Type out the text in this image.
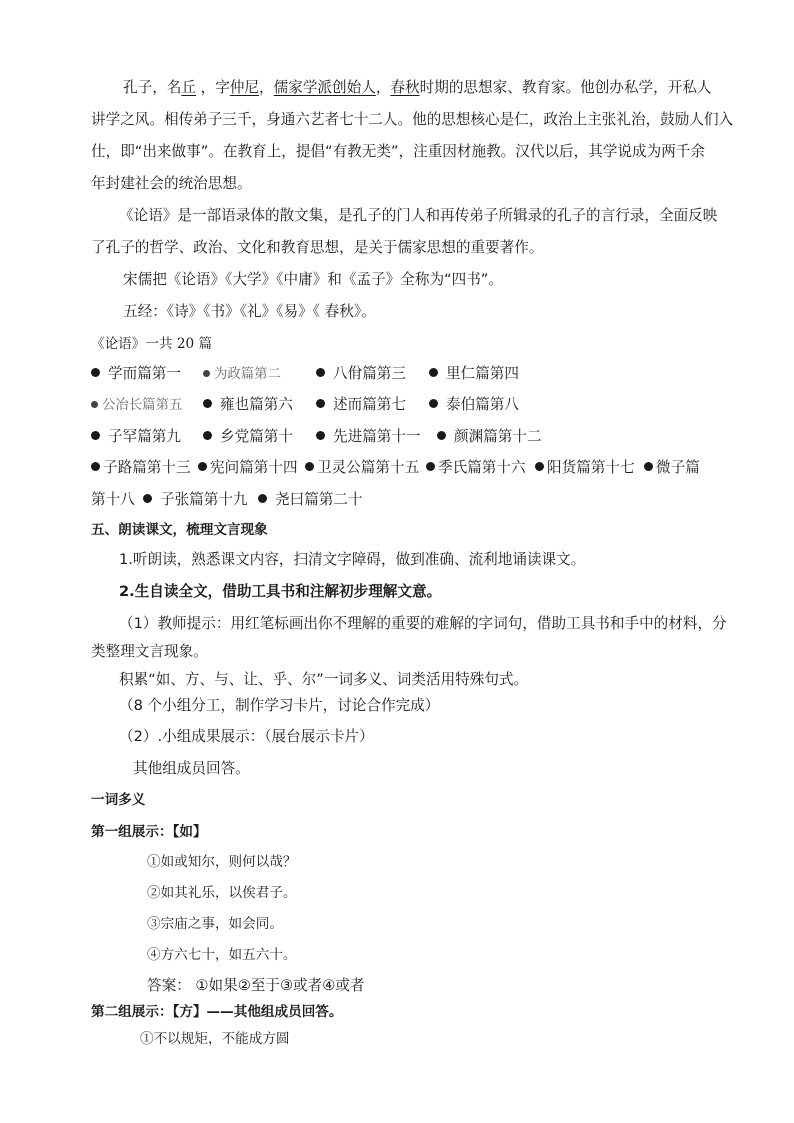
孔子，名丘 ，字仲尼，儒家学派创始人，春秋时期的思想家、教育家。他创办私学，开私人
讲学之风。相传弟子三千，身通六艺者七十二人。他的思想核心是仁，政治上主张礼治，鼓励人们入
仕，即“出来做事”。在教育上，提倡“有教无类”，注重因材施教。汉代以后，其学说成为两千余
年封建社会的统治思想。
《论语》是一部语录体的散文集，是孔子的门人和再传弟子所辑录的孔子的言行录，全面反映
了孔子的哲学、政治、文化和教育思想，是关于儒家思想的重要著作。
宋儒把《论语》《大学》《中庸》和《孟子》全称为“四书”。
五经：《诗》《书》《礼》《易》《 春秋》。
《论语》一共 20 篇
学而篇第一	为政篇第二	八佾篇第三	里仁篇第四
公冶长篇第五	雍也篇第六	述而篇第七	泰伯篇第八
子罕篇第九	乡党篇第十	先进篇第十一	颜渊篇第十二
子路篇第十三	宪问篇第十四	卫灵公篇第十五	季氏篇第十六	阳货篇第十七	微子篇
第十八	子张篇第十九	尧曰篇第二十
五、朗读课文，梳理文言现象
1.听朗读，熟悉课文内容，扫清文字障碍，做到准确、流利地诵读课文。
2.生自读全文，借助工具书和注解初步理解文意。
（1）教师提示：用红笔标画出你不理解的重要的难解的字词句，借助工具书和手中的材料，分
类整理文言现象。
积累“如、方、与、让、乎、尔”一词多义、词类活用特殊句式。
（8 个小组分工，制作学习卡片，讨论合作完成）
（2）.小组成果展示：（展台展示卡片）
其他组成员回答。
一词多义
第一组展示：【如】
①如或知尔，则何以哉？
②如其礼乐，以俟君子。
③宗庙之事，如会同。
④方六七十，如五六十。
答案： ①如果②至于③或者④或者
第二组展示：【方】——其他组成员回答。
①不以规矩，不能成方圆
